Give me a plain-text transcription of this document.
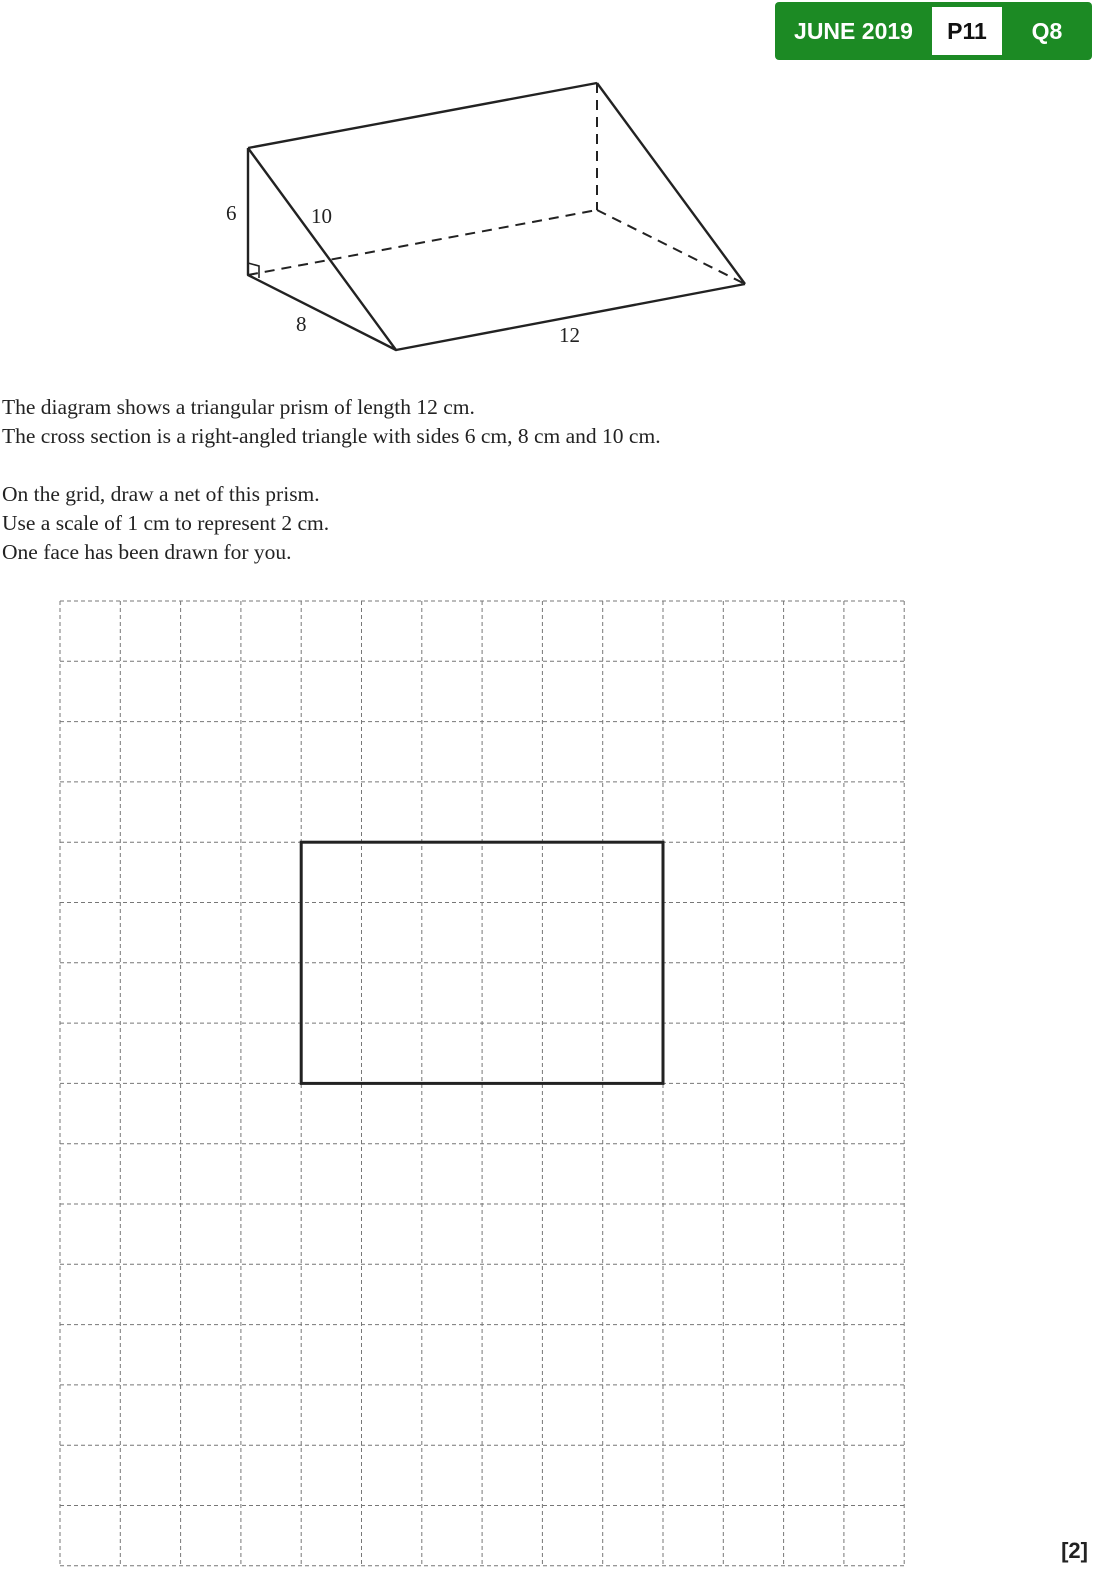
JUNE 2019	P11	Q8
6	10
8	12
The diagram shows a triangular prism of length 12 cm.
The cross section is a right-angled triangle with sides 6 cm, 8 cm and 10 cm.
On the grid, draw a net of this prism.
Use a scale of 1 cm to represent 2 cm.
One face has been drawn for you.
[2]
